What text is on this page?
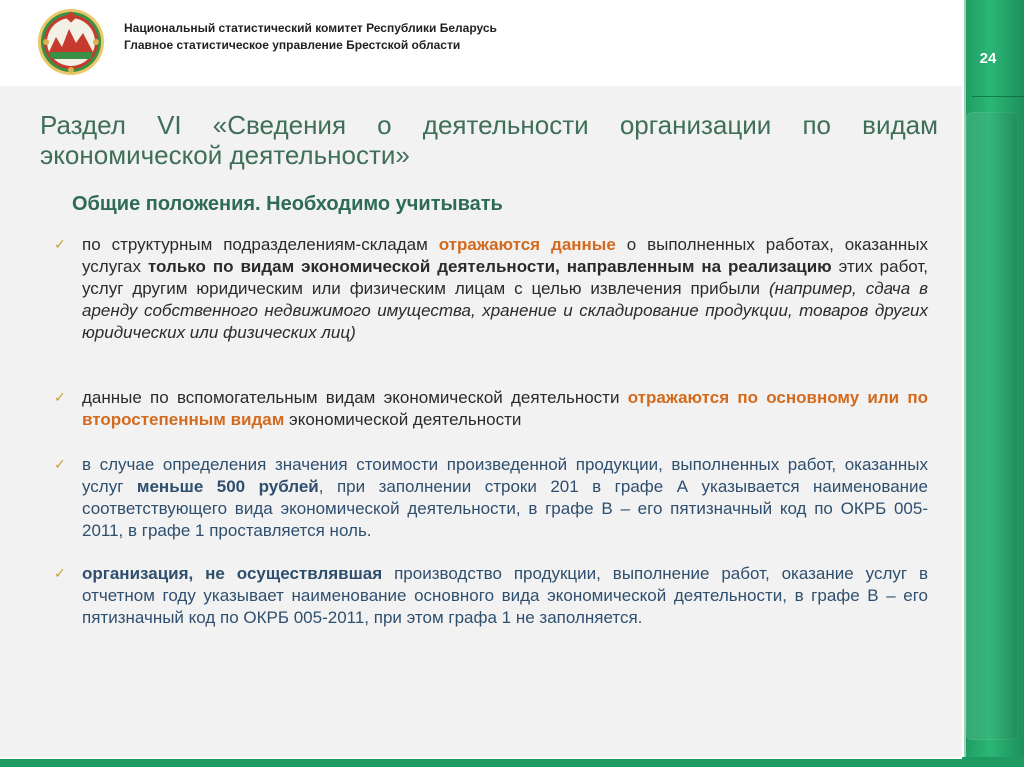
24
Национальный статистический комитет Республики Беларусь
Главное статистическое управление Брестской области
Раздел VI «Сведения о деятельности организации по видам
экономической деятельности»
Общие положения. Необходимо учитывать
✓ по структурным подразделениям-складам отражаются данные о выполненных работах, оказанных услугах только по видам экономической деятельности, направленным на реализацию этих работ, услуг другим юридическим или физическим лицам с целью извлечения прибыли (например, сдача в аренду собственного недвижимого имущества, хранение и складирование продукции, товаров других юридических или физических лиц)
✓ данные по вспомогательным видам экономической деятельности отражаются по основному или по второстепенным видам экономической деятельности
✓ в случае определения значения стоимости произведенной продукции, выполненных работ, оказанных услуг меньше 500 рублей, при заполнении строки 201 в графе А указывается наименование соответствующего вида экономической деятельности, в графе В – его пятизначный код по ОКРБ 005-2011, в графе 1 проставляется ноль.
✓ организация, не осуществлявшая производство продукции, выполнение работ, оказание услуг в отчетном году указывает наименование основного вида экономической деятельности, в графе В – его пятизначный код по ОКРБ 005-2011, при этом графа 1 не заполняется.
